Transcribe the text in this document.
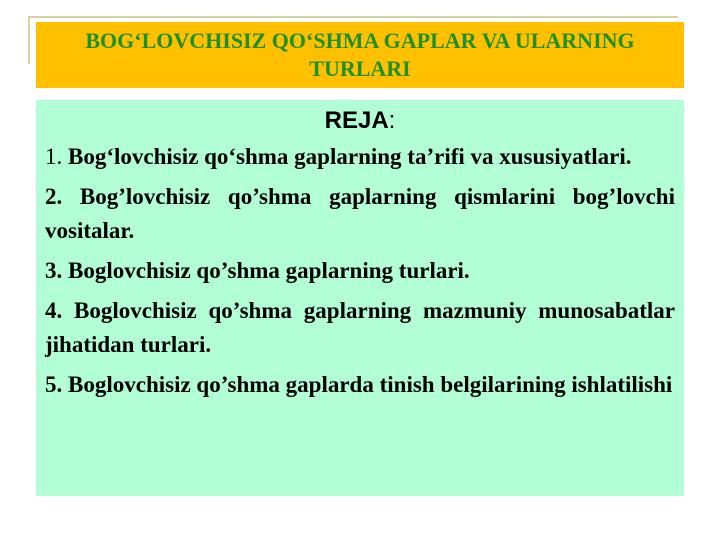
BOG‘LOVCHISIZ QO‘SHMA GAPLAR VA ULARNING TURLARI
REJA:
1. Bog‘lovchisiz qo‘shma gaplarning ta’rifi va xususiyatlari.
2. Bog’lovchisiz qo’shma gaplarning qismlarini bog’lovchi vositalar.
3. Boglovchisiz qo’shma gaplarning turlari.
4. Boglovchisiz qo’shma gaplarning mazmuniy munosabatlar jihatidan turlari.
5. Boglovchisiz qo’shma gaplarda tinish belgilarining ishlatilishi
